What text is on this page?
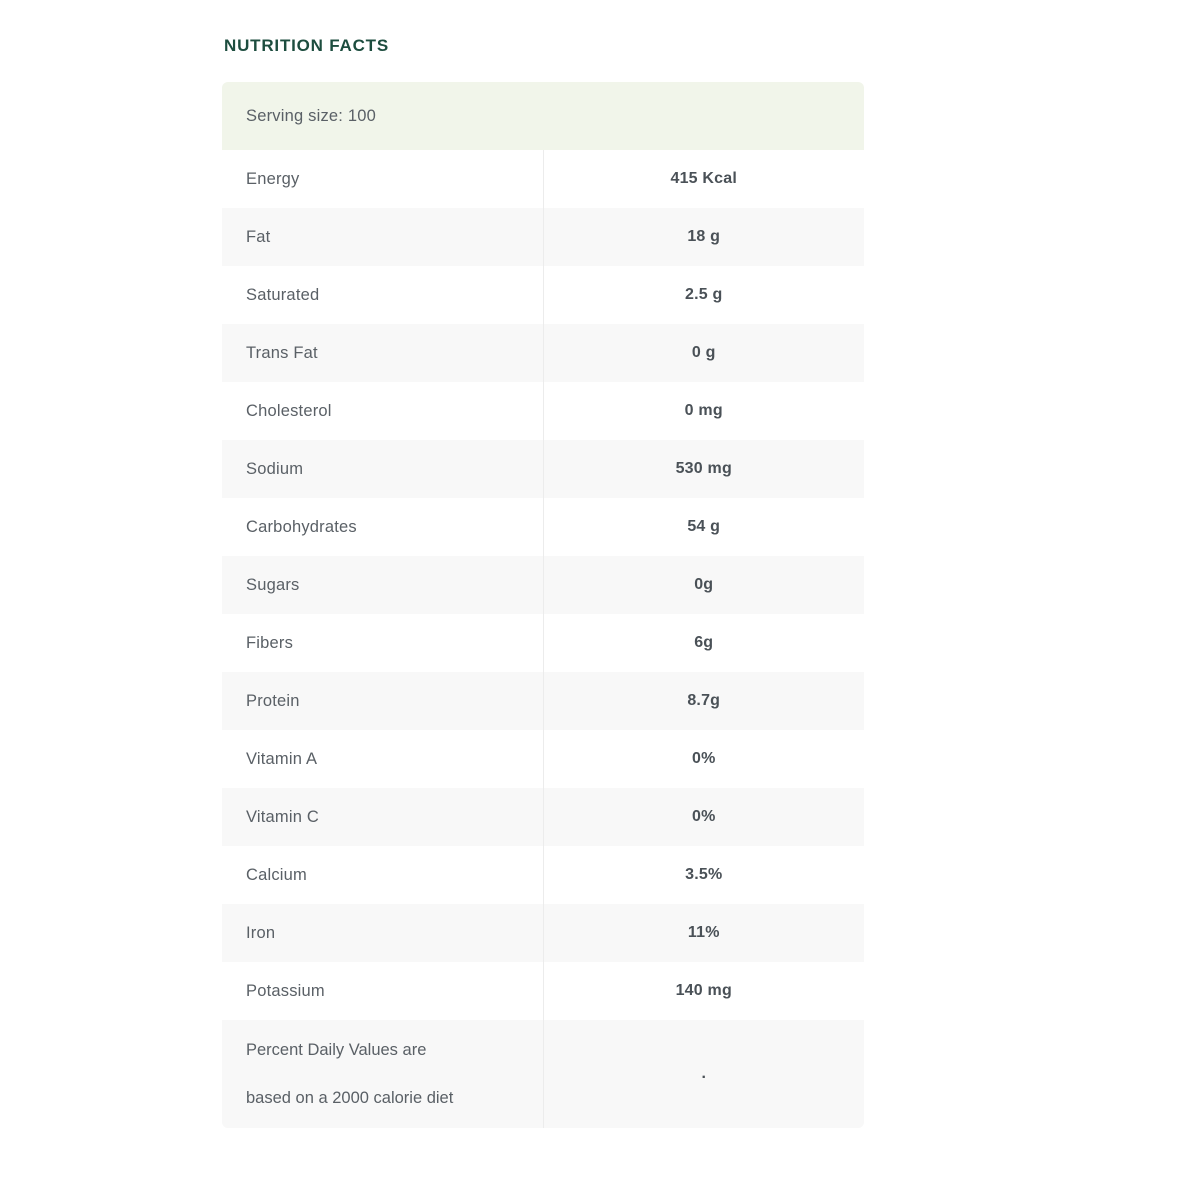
NUTRITION FACTS
Serving size: 100	
Energy	415 Kcal
Fat	18 g
Saturated	2.5 g
Trans Fat	0 g
Cholesterol	0 mg
Sodium	530 mg
Carbohydrates	54 g
Sugars	0g
Fibers	6g
Protein	8.7g
Vitamin A	0%
Vitamin C	0%
Calcium	3.5%
Iron	11%
Potassium	140 mg

Percent Daily Values are
based on a 2000 calorie diet	.
